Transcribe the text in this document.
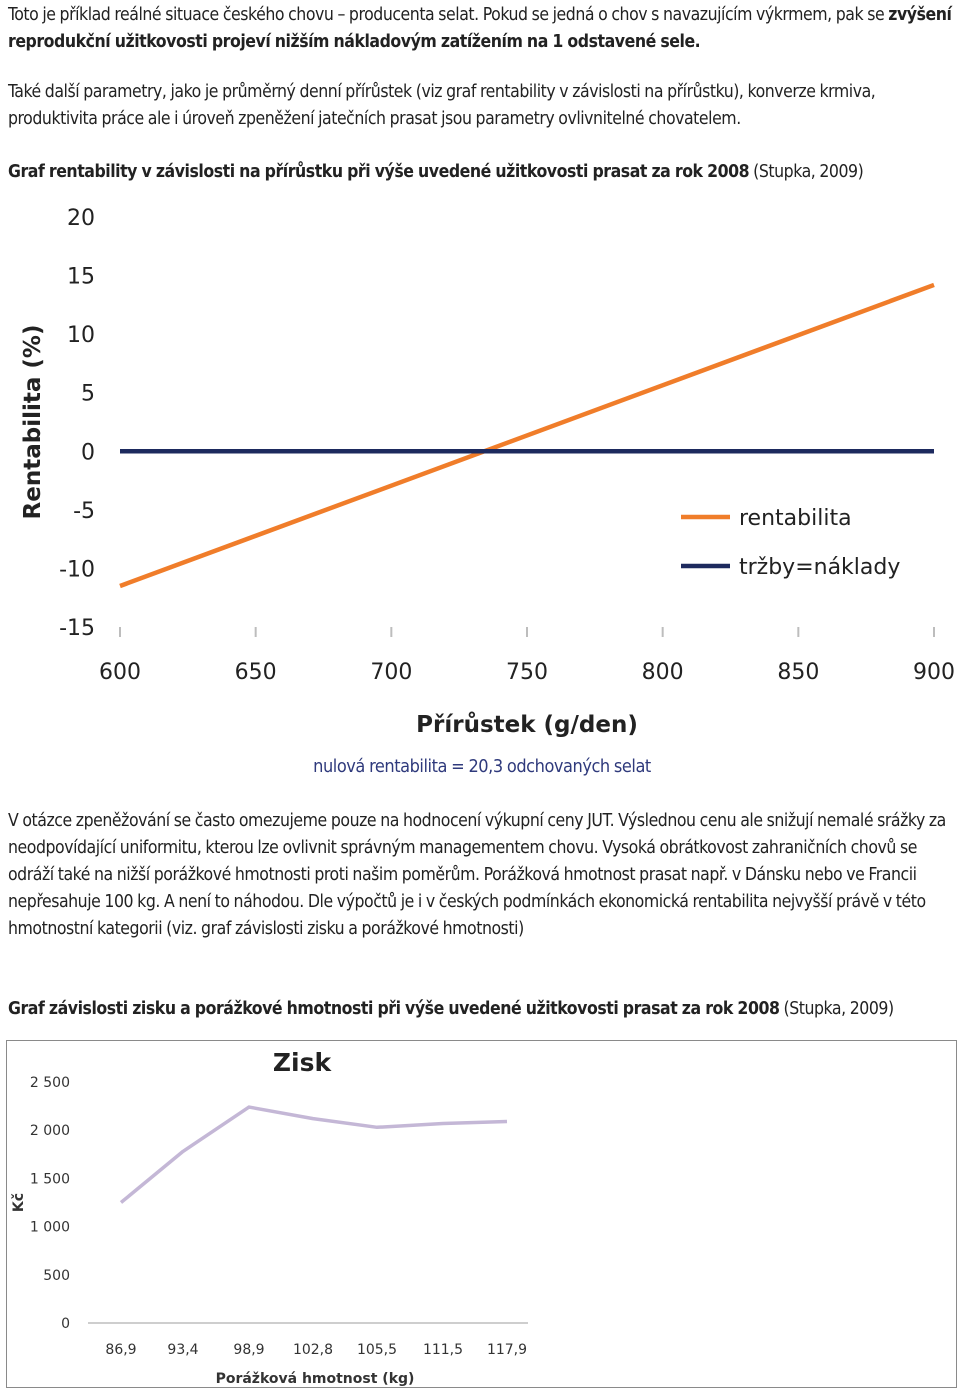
Toto je příklad reálné situace českého chovu – producenta selat. Pokud se jedná o chov s navazujícím výkrmem, pak se zvýšení reprodukční užitkovosti projeví nižším nákladovým zatížením na 1 odstavené sele.

Také další parametry, jako je průměrný denní přírůstek (viz graf rentability v závislosti na přírůstku), konverze krmiva, produktivita práce ale i úroveň zpeněžení jatečních prasat jsou parametry ovlivnitelné chovatelem.

Graf rentability v závislosti na přírůstku při výše uvedené užitkovosti prasat za rok 2008 (Stupka, 2009)

20
15
10
5
0
-5
-10
-15
600	650	700	750	800	850	900
Přírůstek (g/den)
Rentabilita (%)	rentabilita
tržby=náklady

nulová rentabilita = 20,3 odchovaných selat

V otázce zpeněžování se často omezujeme pouze na hodnocení výkupní ceny JUT. Výslednou cenu ale snižují nemalé srážky za neodpovídající uniformitu, kterou lze ovlivnit správným managementem chovu. Vysoká obrátkovost zahraničních chovů se odráží také na nižší porážkové hmotnosti proti našim poměrům. Porážková hmotnost prasat např. v Dánsku nebo ve Francii nepřesahuje 100 kg. A není to náhodou. Dle výpočtů je i v českých podmínkách ekonomická rentabilita nejvyšší právě v této hmotnostní kategorii (viz. graf závislosti zisku a porážkové hmotnosti)

Graf závislosti zisku a porážkové hmotnosti při výše uvedené užitkovosti prasat za rok 2008 (Stupka, 2009)

Zisk
2 500
2 000
1 500
1 000
500
0
86,9 93,4 98,9 102,8 105,5 111,5 117,9
Porážková hmotnost (kg)
Kč
